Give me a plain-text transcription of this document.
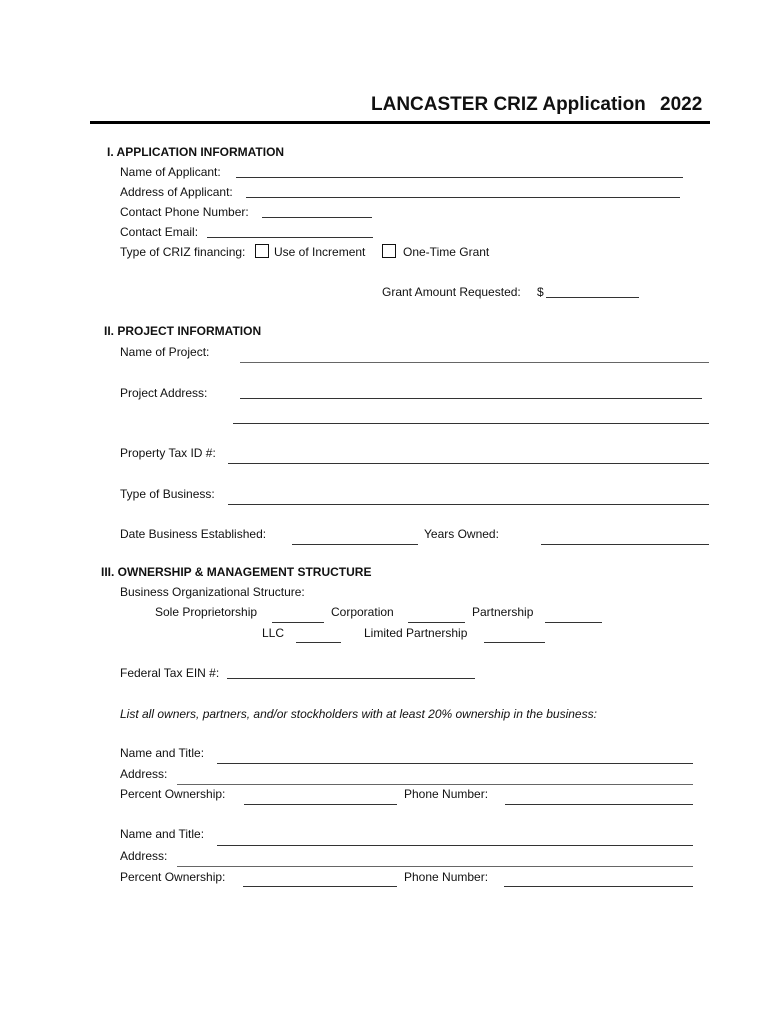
LANCASTER CRIZ Application 2022
I. APPLICATION INFORMATION
Name of Applicant:
Address of Applicant:
Contact Phone Number:
Contact Email:
Type of CRIZ financing: Use of Increment	One-Time Grant
Grant Amount Requested: $
II. PROJECT INFORMATION
Name of Project:
Project Address:
Property Tax ID #:
Type of Business:
Date Business Established:	Years Owned:
III. OWNERSHIP & MANAGEMENT STRUCTURE
Business Organizational Structure:
Sole Proprietorship	Corporation	Partnership
LLC	Limited Partnership
Federal Tax EIN #:
List all owners, partners, and/or stockholders with at least 20% ownership in the business:
Name and Title:
Address:
Percent Ownership:	Phone Number:
Name and Title:
Address:
Percent Ownership:	Phone Number:
